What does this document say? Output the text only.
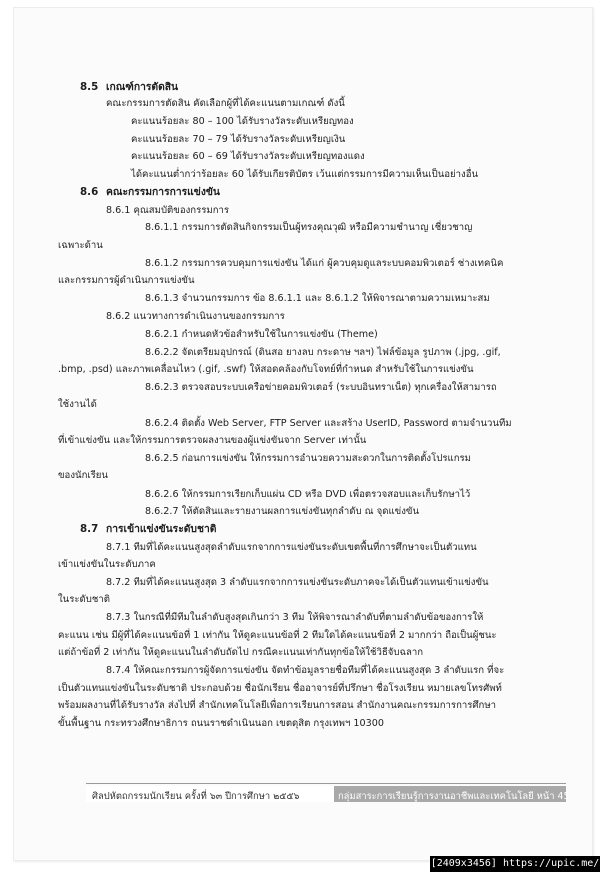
8.5 เกณฑ์การตัดสิน
คณะกรรมการตัดสิน คัดเลือกผู้ที่ได้คะแนนตามเกณฑ์ ดังนี้
คะแนนร้อยละ 80 – 100 ได้รับรางวัลระดับเหรียญทอง
คะแนนร้อยละ 70 – 79 ได้รับรางวัลระดับเหรียญเงิน
คะแนนร้อยละ 60 – 69 ได้รับรางวัลระดับเหรียญทองแดง
ได้คะแนนต่ำกว่าร้อยละ 60 ได้รับเกียรติบัตร เว้นแต่กรรมการมีความเห็นเป็นอย่างอื่น
8.6 คณะกรรมการการแข่งขัน
8.6.1 คุณสมบัติของกรรมการ
8.6.1.1 กรรมการตัดสินกิจกรรมเป็นผู้ทรงคุณวุฒิ หรือมีความชำนาญ เชี่ยวชาญ
เฉพาะด้าน
8.6.1.2 กรรมการควบคุมการแข่งขัน ได้แก่ ผู้ควบคุมดูแลระบบคอมพิวเตอร์ ช่างเทคนิค
และกรรมการผู้ดำเนินการแข่งขัน
8.6.1.3 จำนวนกรรมการ ข้อ 8.6.1.1 และ 8.6.1.2 ให้พิจารณาตามความเหมาะสม
8.6.2 แนวทางการดำเนินงานของกรรมการ
8.6.2.1 กำหนดหัวข้อสำหรับใช้ในการแข่งขัน (Theme)
8.6.2.2 จัดเตรียมอุปกรณ์ (ดินสอ ยางลบ กระดาษ ฯลฯ) ไฟล์ข้อมูล รูปภาพ (.jpg, .gif,
.bmp, .psd) และภาพเคลื่อนไหว (.gif, .swf) ให้สอดคล้องกับโจทย์ที่กำหนด สำหรับใช้ในการแข่งขัน
8.6.2.3 ตรวจสอบระบบเครือข่ายคอมพิวเตอร์ (ระบบอินทราเน็ต) ทุกเครื่องให้สามารถ
ใช้งานได้
8.6.2.4 ติดตั้ง Web Server, FTP Server และสร้าง UserID, Password ตามจำนวนทีม
ที่เข้าแข่งขัน และให้กรรมการตรวจผลงานของผู้แข่งขันจาก Server เท่านั้น
8.6.2.5 ก่อนการแข่งขัน ให้กรรมการอำนวยความสะดวกในการติดตั้งโปรแกรม
ของนักเรียน
8.6.2.6 ให้กรรมการเรียกเก็บแผ่น CD หรือ DVD เพื่อตรวจสอบและเก็บรักษาไว้
8.6.2.7 ให้ตัดสินและรายงานผลการแข่งขันทุกลำดับ ณ จุดแข่งขัน
8.7 การเข้าแข่งขันระดับชาติ
8.7.1 ทีมที่ได้คะแนนสูงสุดลำดับแรกจากการแข่งขันระดับเขตพื้นที่การศึกษาจะเป็นตัวแทน
เข้าแข่งขันในระดับภาค
8.7.2 ทีมที่ได้คะแนนสูงสุด 3 ลำดับแรกจากการแข่งขันระดับภาคจะได้เป็นตัวแทนเข้าแข่งขัน
ในระดับชาติ
8.7.3 ในกรณีที่มีทีมในลำดับสูงสุดเกินกว่า 3 ทีม ให้พิจารณาลำดับที่ตามลำดับข้อของการให้
คะแนน เช่น มีผู้ที่ได้คะแนนข้อที่ 1 เท่ากัน ให้ดูคะแนนข้อที่ 2 ทีมใดได้คะแนนข้อที่ 2 มากกว่า ถือเป็นผู้ชนะ
แต่ถ้าข้อที่ 2 เท่ากัน ให้ดูคะแนนในลำดับถัดไป กรณีคะแนนเท่ากันทุกข้อให้ใช้วิธีจับฉลาก
8.7.4 ให้คณะกรรมการผู้จัดการแข่งขัน จัดทำข้อมูลรายชื่อทีมที่ได้คะแนนสูงสุด 3 ลำดับแรก ที่จะ
เป็นตัวแทนแข่งขันในระดับชาติ ประกอบด้วย ชื่อนักเรียน ชื่ออาจารย์ที่ปรึกษา ชื่อโรงเรียน หมายเลขโทรศัพท์
พร้อมผลงานที่ได้รับรางวัล ส่งไปที่ สำนักเทคโนโลยีเพื่อการเรียนการสอน สำนักงานคณะกรรมการการศึกษา
ขั้นพื้นฐาน กระทรวงศึกษาธิการ ถนนราชดำเนินนอก เขตดุสิต กรุงเทพฯ 10300
ศิลปหัตถกรรมนักเรียน ครั้งที่ ๖๓ ปีการศึกษา ๒๕๕๖	กลุ่มสาระการเรียนรู้การงานอาชีพและเทคโนโลยี หน้า 45
[2409x3456] https://upic.me/
